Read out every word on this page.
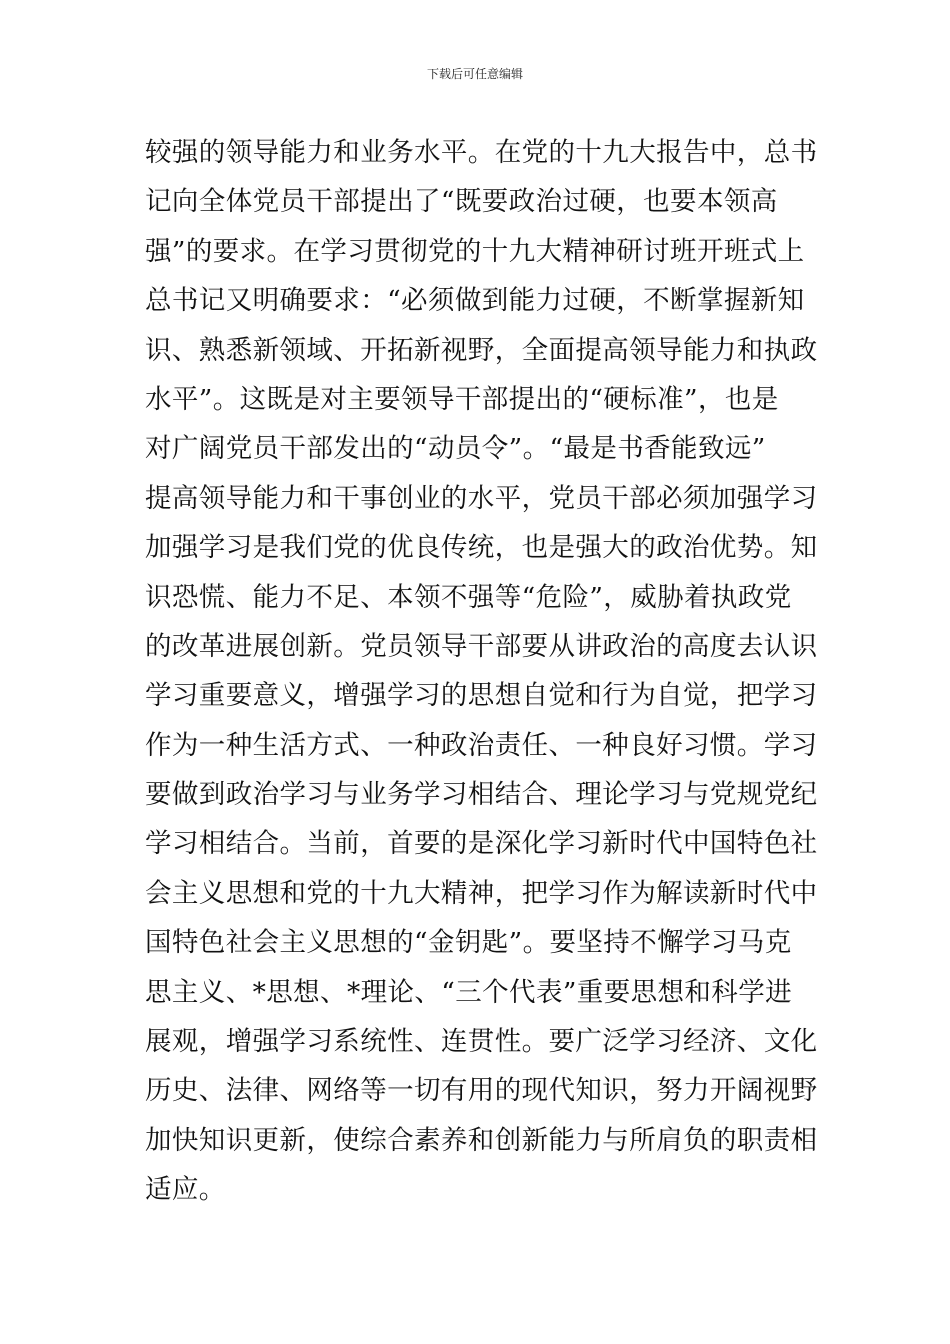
下载后可任意编辑
较强的领导能力和业务水平。在党的十九大报告中，总书
记向全体党员干部提出了“既要政治过硬，也要本领高
强”的要求。在学习贯彻党的十九大精神研讨班开班式上
总书记又明确要求：“必须做到能力过硬，不断掌握新知
识、熟悉新领域、开拓新视野，全面提高领导能力和执政
水平”。这既是对主要领导干部提出的“硬标准”，也是
对广阔党员干部发出的“动员令”。“最是书香能致远”
提高领导能力和干事创业的水平，党员干部必须加强学习
加强学习是我们党的优良传统，也是强大的政治优势。知
识恐慌、能力不足、本领不强等“危险”，威胁着执政党
的改革进展创新。党员领导干部要从讲政治的高度去认识
学习重要意义，增强学习的思想自觉和行为自觉，把学习
作为一种生活方式、一种政治责任、一种良好习惯。学习
要做到政治学习与业务学习相结合、理论学习与党规党纪
学习相结合。当前，首要的是深化学习新时代中国特色社
会主义思想和党的十九大精神，把学习作为解读新时代中
国特色社会主义思想的“金钥匙”。要坚持不懈学习马克
思主义、*思想、*理论、“三个代表”重要思想和科学进
展观，增强学习系统性、连贯性。要广泛学习经济、文化
历史、法律、网络等一切有用的现代知识，努力开阔视野
加快知识更新，使综合素养和创新能力与所肩负的职责相
适应。
